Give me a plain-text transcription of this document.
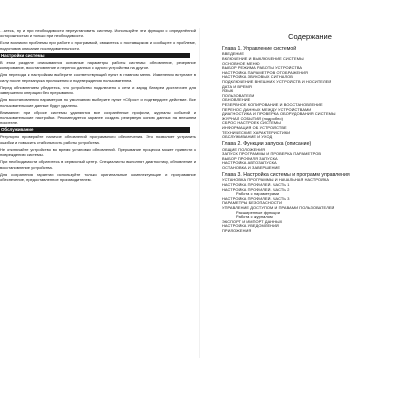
…ьтесь, ну и при необходимости переустановить систему. Используйте эти функции с определённой осторожностью и только при необходимости.
Если возникли проблемы при работе с программой, свяжитесь с поставщиком и сообщите о проблеме, подготовив описание последовательности.
Настройки системы
В этом разделе описываются основные параметры работы системы: обновление, резервное копирование, восстановление и перенос данных с одного устройства на другое.
Для перехода к настройкам выберите соответствующий пункт в главном меню. Изменения вступают в силу после перезапуска приложения и подтверждения пользователем.
Перед обновлением убедитесь, что устройство подключено к сети и заряд батареи достаточен для завершения операции без прерывания.
Для восстановления параметров по умолчанию выберите пункт «Сброс» и подтвердите действие. Все пользовательские данные будут удалены.
Внимание: при сбросе системы удаляются все сохранённые профили, журналы событий и пользовательские настройки. Рекомендуется заранее создать резервную копию данных на внешнем носителе.
Обслуживание
Регулярно проверяйте наличие обновлений программного обеспечения. Это позволяет устранить ошибки и повысить стабильность работы устройства.
Не отключайте устройство во время установки обновлений. Прерывание процесса может привести к повреждению системы.
При необходимости обратитесь в сервисный центр. Специалисты выполнят диагностику, обновление и восстановление устройства.
Для сохранения гарантии используйте только оригинальные комплектующие и программное обеспечение, предоставленное производителем.
Содержание
Глава 1. Управление системой
ВВЕДЕНИЕ
ВКЛЮЧЕНИЕ И ВЫКЛЮЧЕНИЕ СИСТЕМЫ
ОСНОВНОЕ МЕНЮ
ВЫБОР РЕЖИМА РАБОТЫ УСТРОЙСТВА
НАСТРОЙКА ПАРАМЕТРОВ ОТОБРАЖЕНИЯ
НАСТРОЙКА ЗВУКОВЫХ СИГНАЛОВ
ПОДКЛЮЧЕНИЕ ВНЕШНИХ УСТРОЙСТВ И НОСИТЕЛЕЙ
ДАТА И ВРЕМЯ
ЯЗЫК
ПОЛЬЗОВАТЕЛИ
ОБНОВЛЕНИЕ
РЕЗЕРВНОЕ КОПИРОВАНИЕ И ВОССТАНОВЛЕНИЕ
ПЕРЕНОС ДАННЫХ МЕЖДУ УСТРОЙСТВАМИ
ДИАГНОСТИКА И ПРОВЕРКА ОБОРУДОВАНИЯ СИСТЕМЫ
ЖУРНАЛ СОБЫТИЙ (подробно)
СБРОС НАСТРОЕК СИСТЕМЫ
ИНФОРМАЦИЯ ОБ УСТРОЙСТВЕ
ТЕХНИЧЕСКИЕ ХАРАКТЕРИСТИКИ
ОБСЛУЖИВАНИЕ И УХОД
Глава 2. Функции запуска (описание)
ОБЩИЕ ПОЛОЖЕНИЯ
ЗАПУСК ПРОГРАММЫ И ПРОВЕРКА ПАРАМЕТРОВ
ВЫБОР ПРОФИЛЯ ЗАПУСКА
НАСТРОЙКА АВТОЗАПУСКА
ОСТАНОВКА И ЗАВЕРШЕНИЕ
Глава 3. Настройка системы и программ управления
УСТАНОВКА ПРОГРАММЫ И НАЧАЛЬНАЯ НАСТРОЙКА
НАСТРОЙКА ПРОФИЛЕЙ. ЧАСТЬ 1
НАСТРОЙКА ПРОФИЛЕЙ. ЧАСТЬ 2
Работа с параметрами
НАСТРОЙКА ПРОФИЛЕЙ. ЧАСТЬ 3
ПАРАМЕТРЫ БЕЗОПАСНОСТИ
УПРАВЛЕНИЕ ДОСТУПОМ И ПРАВАМИ ПОЛЬЗОВАТЕЛЕЙ
Расширенные функции
Работа с журналом
ЭКСПОРТ И ИМПОРТ ДАННЫХ
НАСТРОЙКА УВЕДОМЛЕНИЙ
ПРИЛОЖЕНИЯ
